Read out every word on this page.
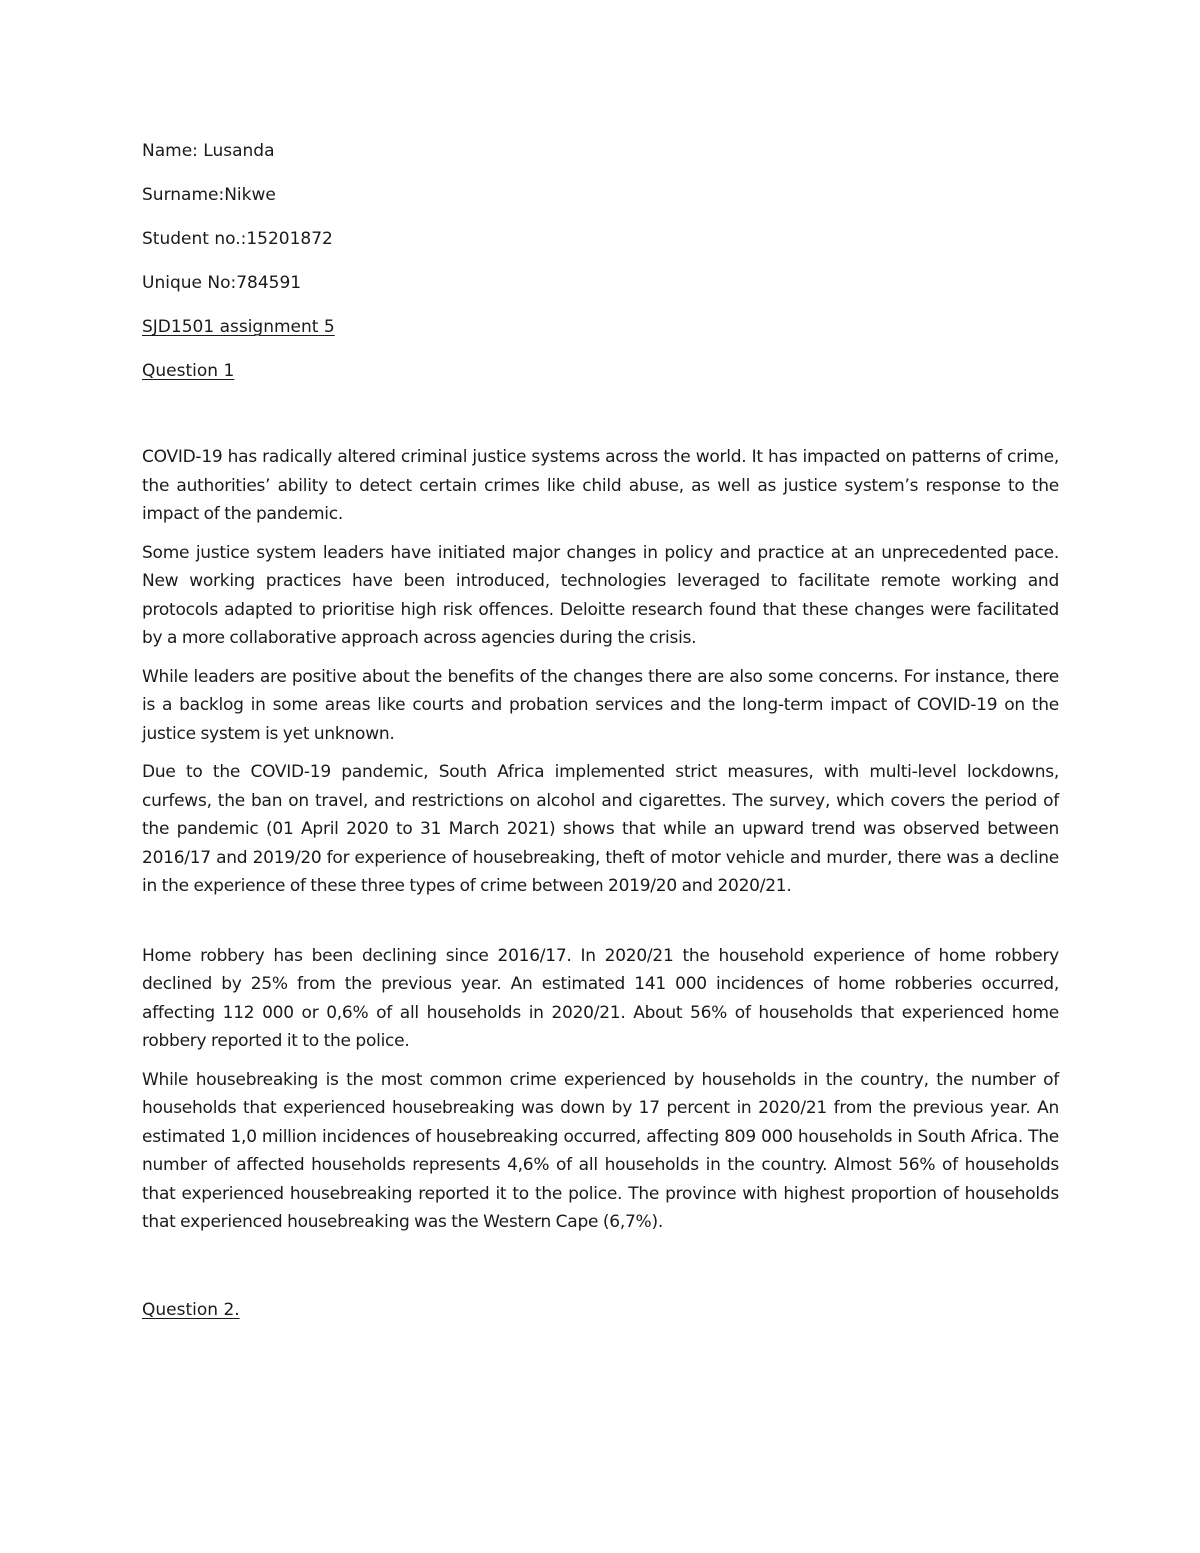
Name: Lusanda
Surname:Nikwe
Student no.:15201872
Unique No:784591
SJD1501 assignment 5
Question 1

COVID-19 has radically altered criminal justice systems across the world. It has impacted on patterns of crime, the authorities’ ability to detect certain crimes like child abuse, as well as justice system’s response to the impact of the pandemic.

Some justice system leaders have initiated major changes in policy and practice at an unprecedented pace. New working practices have been introduced, technologies leveraged to facilitate remote working and protocols adapted to prioritise high risk offences. Deloitte research found that these changes were facilitated by a more collaborative approach across agencies during the crisis.

While leaders are positive about the benefits of the changes there are also some concerns. For instance, there is a backlog in some areas like courts and probation services and the long-term impact of COVID-19 on the justice system is yet unknown.

Due to the COVID-19 pandemic, South Africa implemented strict measures, with multi-level lockdowns, curfews, the ban on travel, and restrictions on alcohol and cigarettes. The survey, which covers the period of the pandemic (01 April 2020 to 31 March 2021) shows that while an upward trend was observed between 2016/17 and 2019/20 for experience of housebreaking, theft of motor vehicle and murder, there was a decline in the experience of these three types of crime between 2019/20 and 2020/21.

Home robbery has been declining since 2016/17. In 2020/21 the household experience of home robbery declined by 25% from the previous year. An estimated 141 000 incidences of home robberies occurred, affecting 112 000 or 0,6% of all households in 2020/21. About 56% of households that experienced home robbery reported it to the police.

While housebreaking is the most common crime experienced by households in the country, the number of households that experienced housebreaking was down by 17 percent in 2020/21 from the previous year. An estimated 1,0 million incidences of housebreaking occurred, affecting 809 000 households in South Africa. The number of affected households represents 4,6% of all households in the country. Almost 56% of households that experienced housebreaking reported it to the police. The province with highest proportion of households that experienced housebreaking was the Western Cape (6,7%).

Question 2.
